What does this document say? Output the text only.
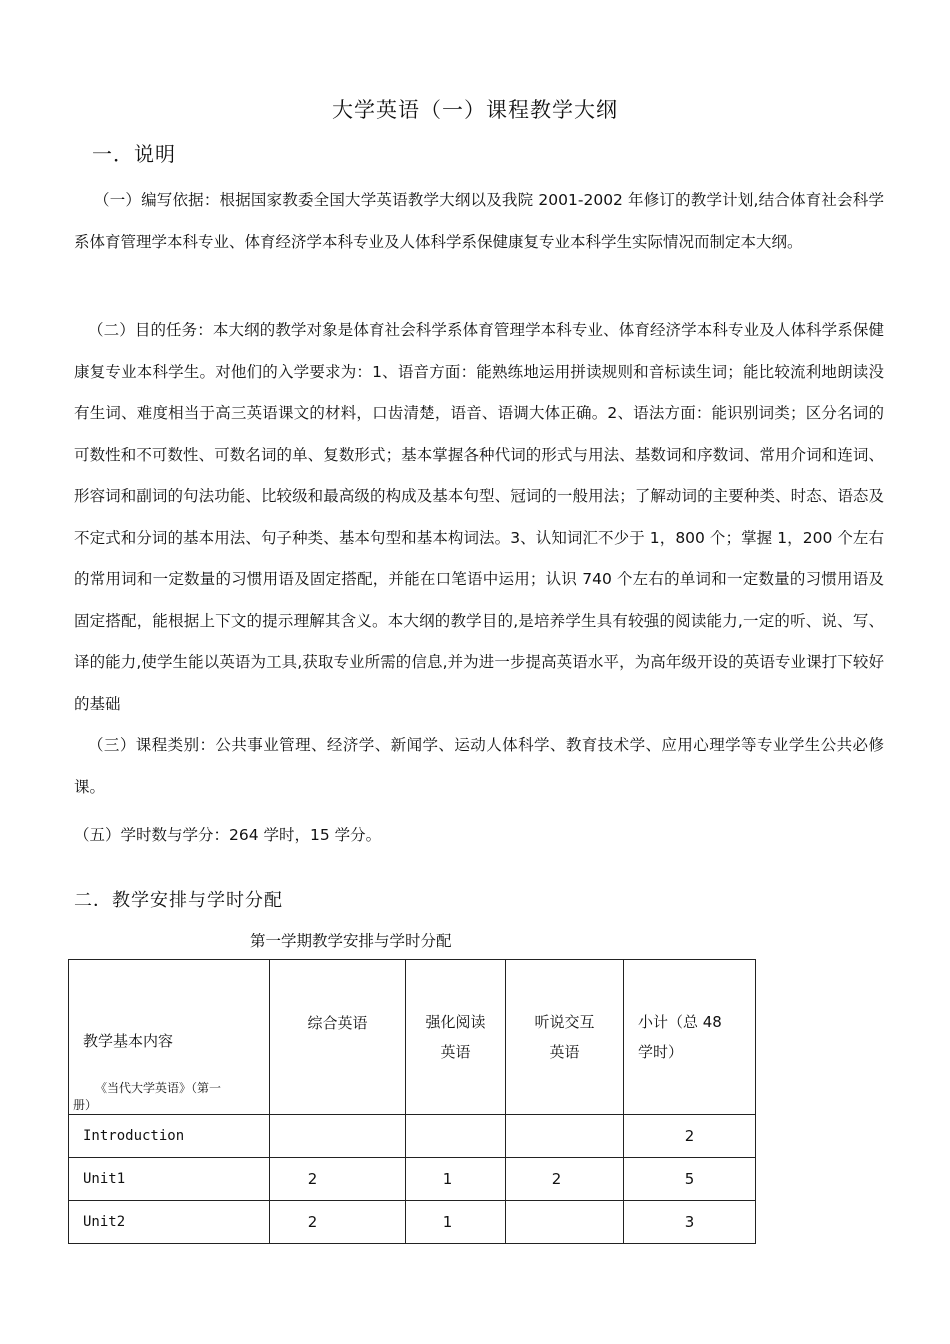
大学英语（一）课程教学大纲
一．说明

（一）编写依据：根据国家教委全国大学英语教学大纲以及我院 2001-2002 年修订的教学计划,结合体育社会科学系体育管理学本科专业、体育经济学本科专业及人体科学系保健康复专业本科学生实际情况而制定本大纲。

（二）目的任务：本大纲的教学对象是体育社会科学系体育管理学本科专业、体育经济学本科专业及人体科学系保健康复专业本科学生。对他们的入学要求为：1、语音方面：能熟练地运用拼读规则和音标读生词；能比较流利地朗读没有生词、难度相当于高三英语课文的材料，口齿清楚，语音、语调大体正确。2、语法方面：能识别词类；区分名词的可数性和不可数性、可数名词的单、复数形式；基本掌握各种代词的形式与用法、基数词和序数词、常用介词和连词、形容词和副词的句法功能、比较级和最高级的构成及基本句型、冠词的一般用法；了解动词的主要种类、时态、语态及不定式和分词的基本用法、句子种类、基本句型和基本构词法。3、认知词汇不少于 1，800 个；掌握 1，200 个左右的常用词和一定数量的习惯用语及固定搭配，并能在口笔语中运用；认识 740 个左右的单词和一定数量的习惯用语及固定搭配，能根据上下文的提示理解其含义。本大纲的教学目的,是培养学生具有较强的阅读能力,一定的听、说、写、译的能力,使学生能以英语为工具,获取专业所需的信息,并为进一步提高英语水平，为高年级开设的英语专业课打下较好的基础

（三）课程类别：公共事业管理、经济学、新闻学、运动人体科学、教育技术学、应用心理学等专业学生公共必修课。

（五）学时数与学分：264 学时，15 学分。
二．教学安排与学时分配
第一学期教学安排与学时分配
教学基本内容
《当代大学英语》（第一
册）	综合英语	强化阅读
英语	听说交互
英语	小计（总 48
学时）

Introduction				2
Unit1	2	1	2	5
Unit2	2	1		3
